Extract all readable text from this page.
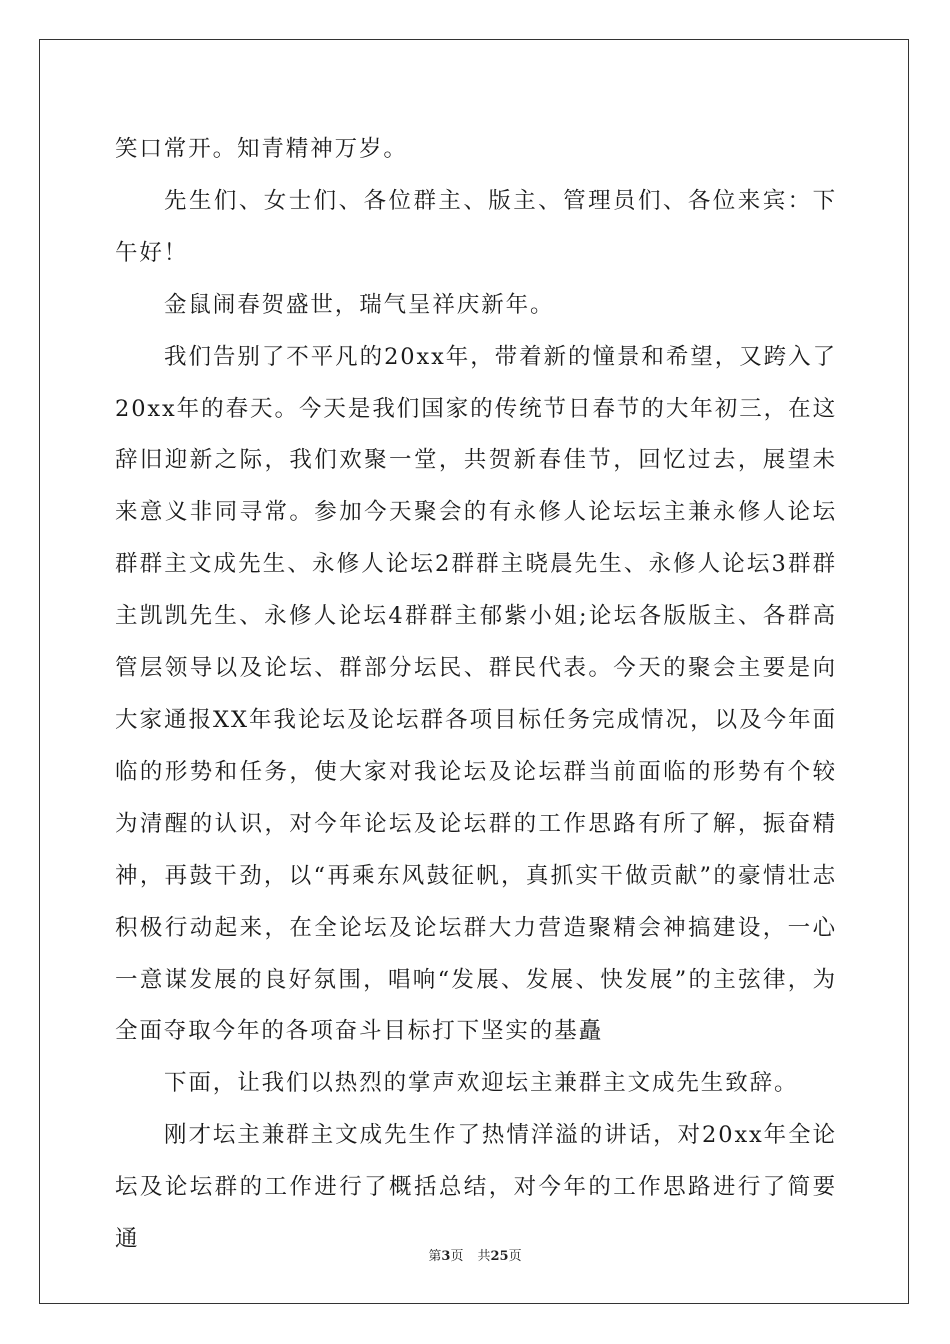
笑口常开。知青精神万岁。

先生们、女士们、各位群主、版主、管理员们、各位来宾：下午好！

金鼠闹春贺盛世，瑞气呈祥庆新年。

我们告别了不平凡的20xx年，带着新的憧景和希望，又跨入了20xx年的春天。今天是我们国家的传统节日春节的大年初三，在这辞旧迎新之际，我们欢聚一堂，共贺新春佳节，回忆过去，展望未来意义非同寻常。参加今天聚会的有永修人论坛坛主兼永修人论坛群群主文成先生、永修人论坛2群群主晓晨先生、永修人论坛3群群主凯凯先生、永修人论坛4群群主郁紫小姐;论坛各版版主、各群高管层领导以及论坛、群部分坛民、群民代表。今天的聚会主要是向大家通报XX年我论坛及论坛群各项目标任务完成情况，以及今年面临的形势和任务，使大家对我论坛及论坛群当前面临的形势有个较为清醒的认识，对今年论坛及论坛群的工作思路有所了解，振奋精神，再鼓干劲，以“再乘东风鼓征帆，真抓实干做贡献”的豪情壮志积极行动起来，在全论坛及论坛群大力营造聚精会神搞建设，一心一意谋发展的良好氛围，唱响“发展、发展、快发展”的主弦律，为全面夺取今年的各项奋斗目标打下坚实的基矗

下面，让我们以热烈的掌声欢迎坛主兼群主文成先生致辞。

刚才坛主兼群主文成先生作了热情洋溢的讲话，对20xx年全论坛及论坛群的工作进行了概括总结，对今年的工作思路进行了简要通

第3页 共25页
